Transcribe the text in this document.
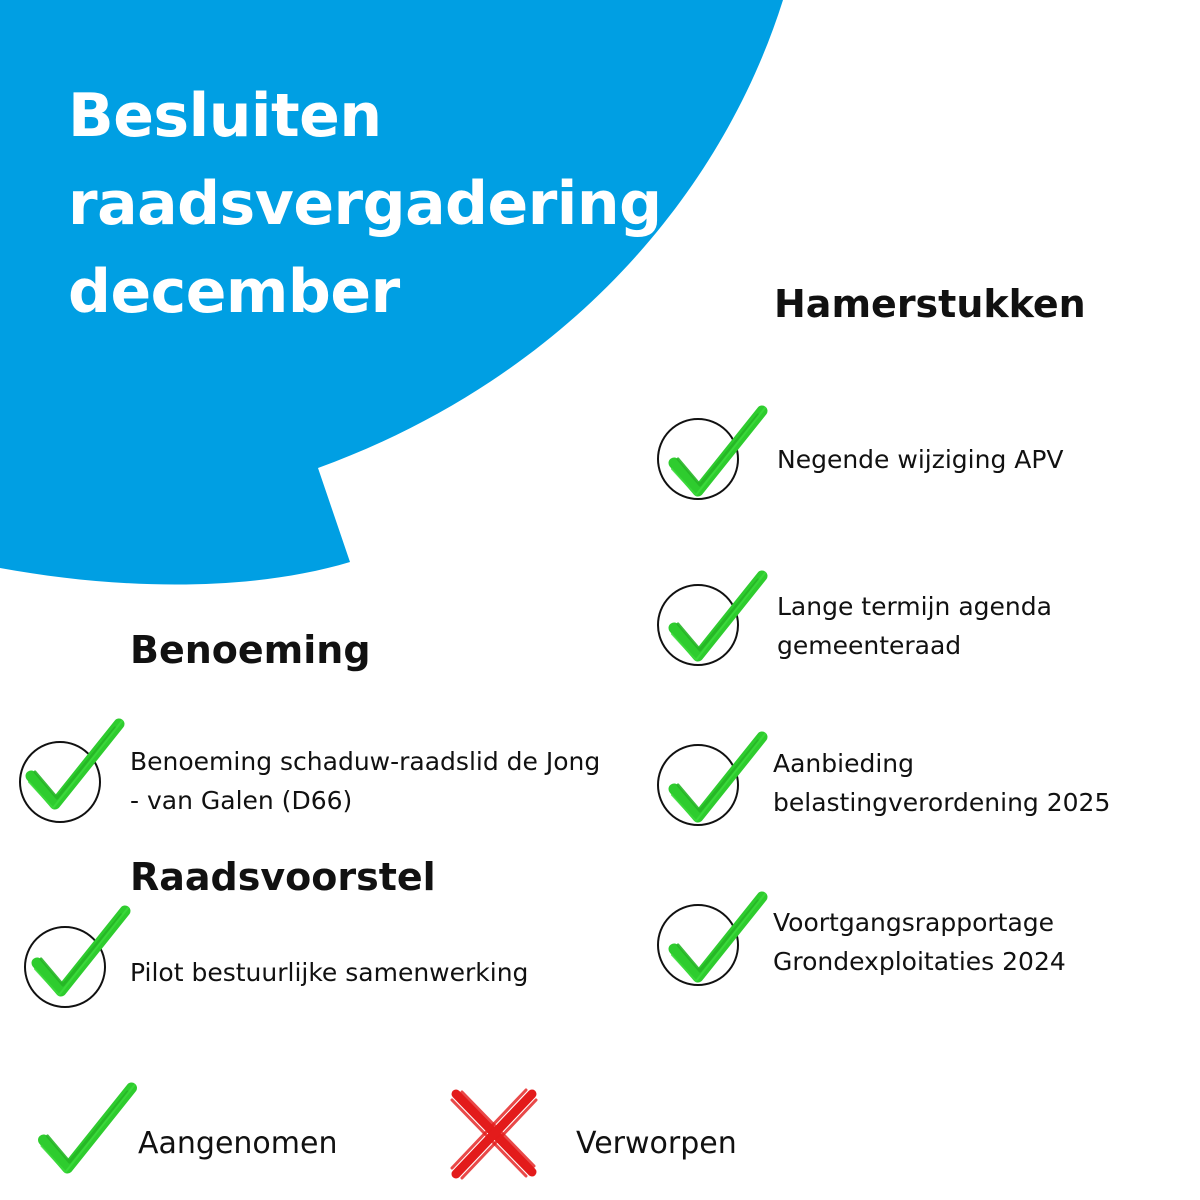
Besluiten
raadsvergadering
december	Hamerstukken
Negende wijziging APV
Lange termijn agenda
gemeenteraad
Aanbieding
belastingverordening 2025
Voortgangsrapportage
Grondexploitaties 2024
Benoeming
Benoeming schaduw-raadslid de Jong
- van Galen (D66)
Raadsvoorstel
Pilot bestuurlijke samenwerking
Aangenomen	Verworpen
